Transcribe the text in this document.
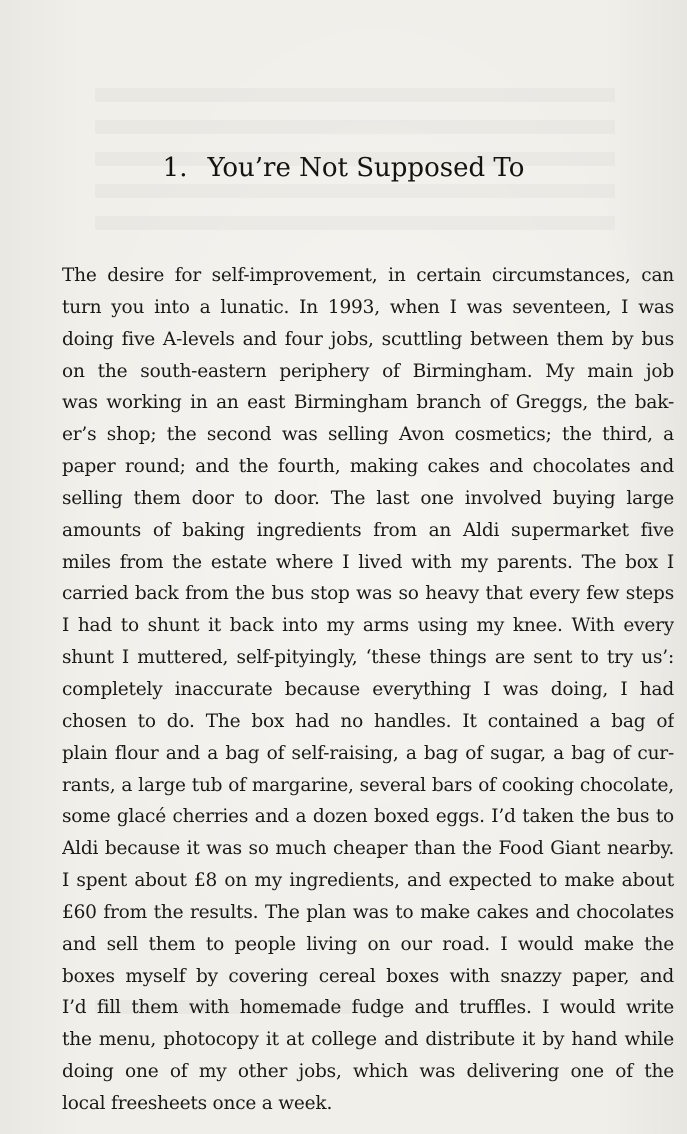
1. You’re Not Supposed To
The desire for self-improvement, in certain circumstances, can
turn you into a lunatic. In 1993, when I was seventeen, I was
doing five A-levels and four jobs, scuttling between them by bus
on the south-eastern periphery of Birmingham. My main job
was working in an east Birmingham branch of Greggs, the bak-
er’s shop; the second was selling Avon cosmetics; the third, a
paper round; and the fourth, making cakes and chocolates and
selling them door to door. The last one involved buying large
amounts of baking ingredients from an Aldi supermarket five
miles from the estate where I lived with my parents. The box I
carried back from the bus stop was so heavy that every few steps
I had to shunt it back into my arms using my knee. With every
shunt I muttered, self-pityingly, ‘these things are sent to try us’:
completely inaccurate because everything I was doing, I had
chosen to do. The box had no handles. It contained a bag of
plain flour and a bag of self-raising, a bag of sugar, a bag of cur-
rants, a large tub of margarine, several bars of cooking chocolate,
some glacé cherries and a dozen boxed eggs. I’d taken the bus to
Aldi because it was so much cheaper than the Food Giant nearby.
I spent about £8 on my ingredients, and expected to make about
£60 from the results. The plan was to make cakes and chocolates
and sell them to people living on our road. I would make the
boxes myself by covering cereal boxes with snazzy paper, and
I’d fill them with homemade fudge and truffles. I would write
the menu, photocopy it at college and distribute it by hand while
doing one of my other jobs, which was delivering one of the
local freesheets once a week.
